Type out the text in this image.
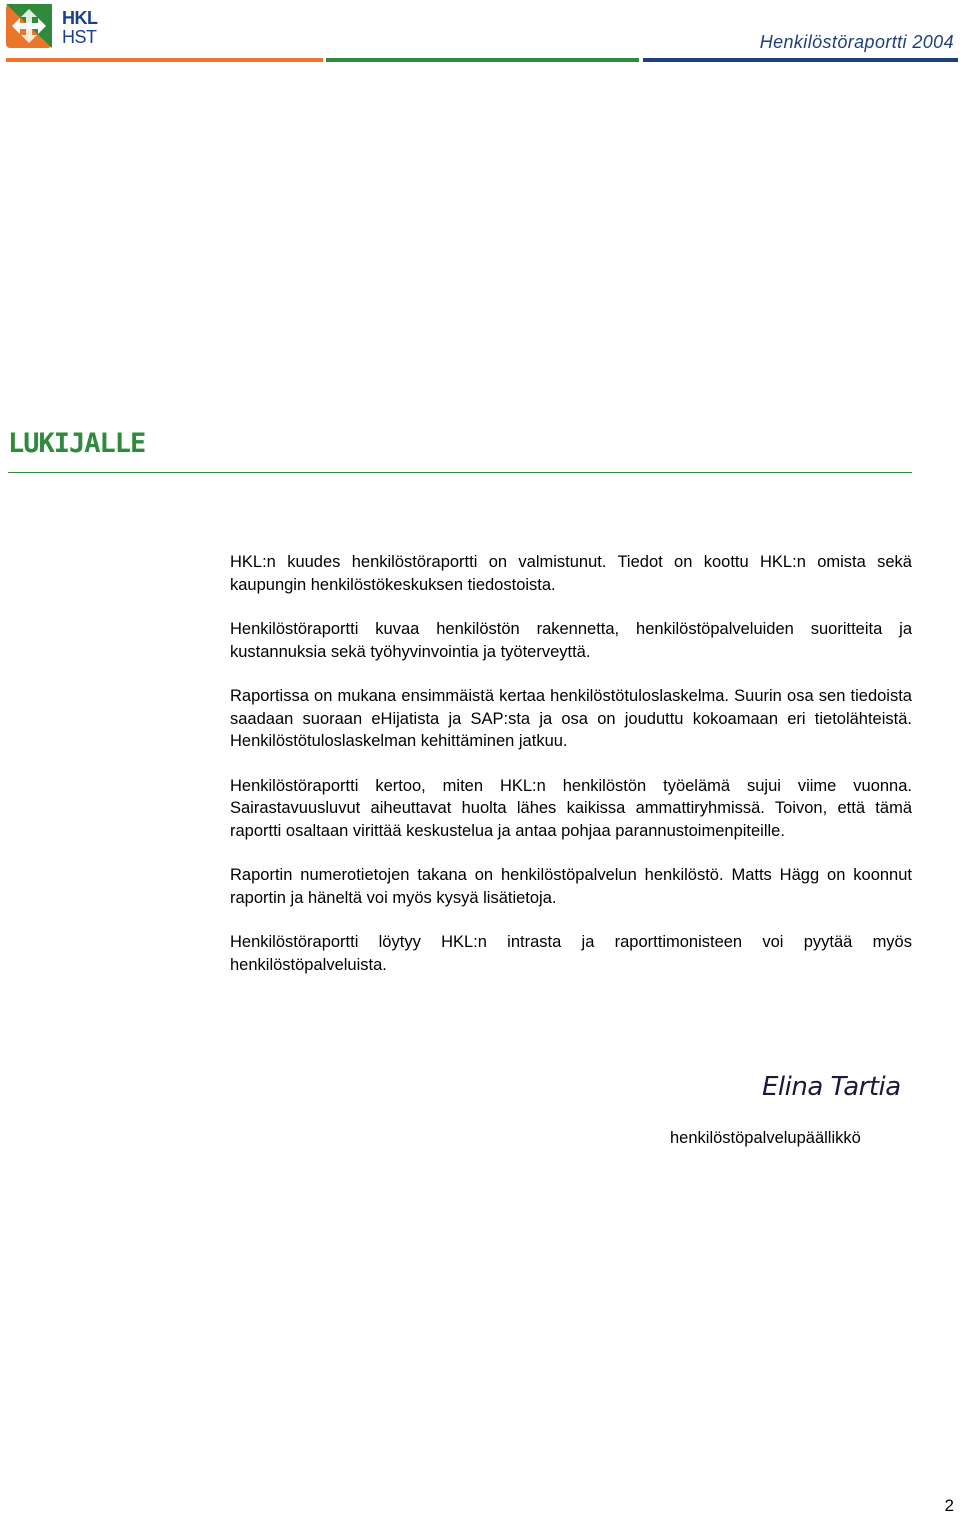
HKL
HST	Henkilöstöraportti 2004
LUKIJALLE

HKL:n kuudes henkilöstöraportti on valmistunut. Tiedot on koottu HKL:n omista sekä kaupungin henkilöstökeskuksen tiedostoista.

Henkilöstöraportti kuvaa henkilöstön rakennetta, henkilöstöpalveluiden suoritteita ja kustannuksia sekä työhyvinvointia ja työterveyttä.

Raportissa on mukana ensimmäistä kertaa henkilöstötuloslaskelma. Suurin osa sen tiedoista saadaan suoraan eHijatista ja SAP:sta ja osa on jouduttu kokoamaan eri tietolähteistä. Henkilöstötuloslaskelman kehittäminen jatkuu.

Henkilöstöraportti kertoo, miten HKL:n henkilöstön työelämä sujui viime vuonna. Sairastavuusluvut aiheuttavat huolta lähes kaikissa ammattiryhmissä. Toivon, että tämä raportti osaltaan virittää keskustelua ja antaa pohjaa parannustoimenpiteille.

Raportin numerotietojen takana on henkilöstöpalvelun henkilöstö. Matts Hägg on koonnut raportin ja häneltä voi myös kysyä lisätietoja.

Henkilöstöraportti löytyy HKL:n intrasta ja raporttimonisteen voi pyytää myös henkilöstöpalveluista.

Elina Tartia
henkilöstöpalvelupäällikkö
2
